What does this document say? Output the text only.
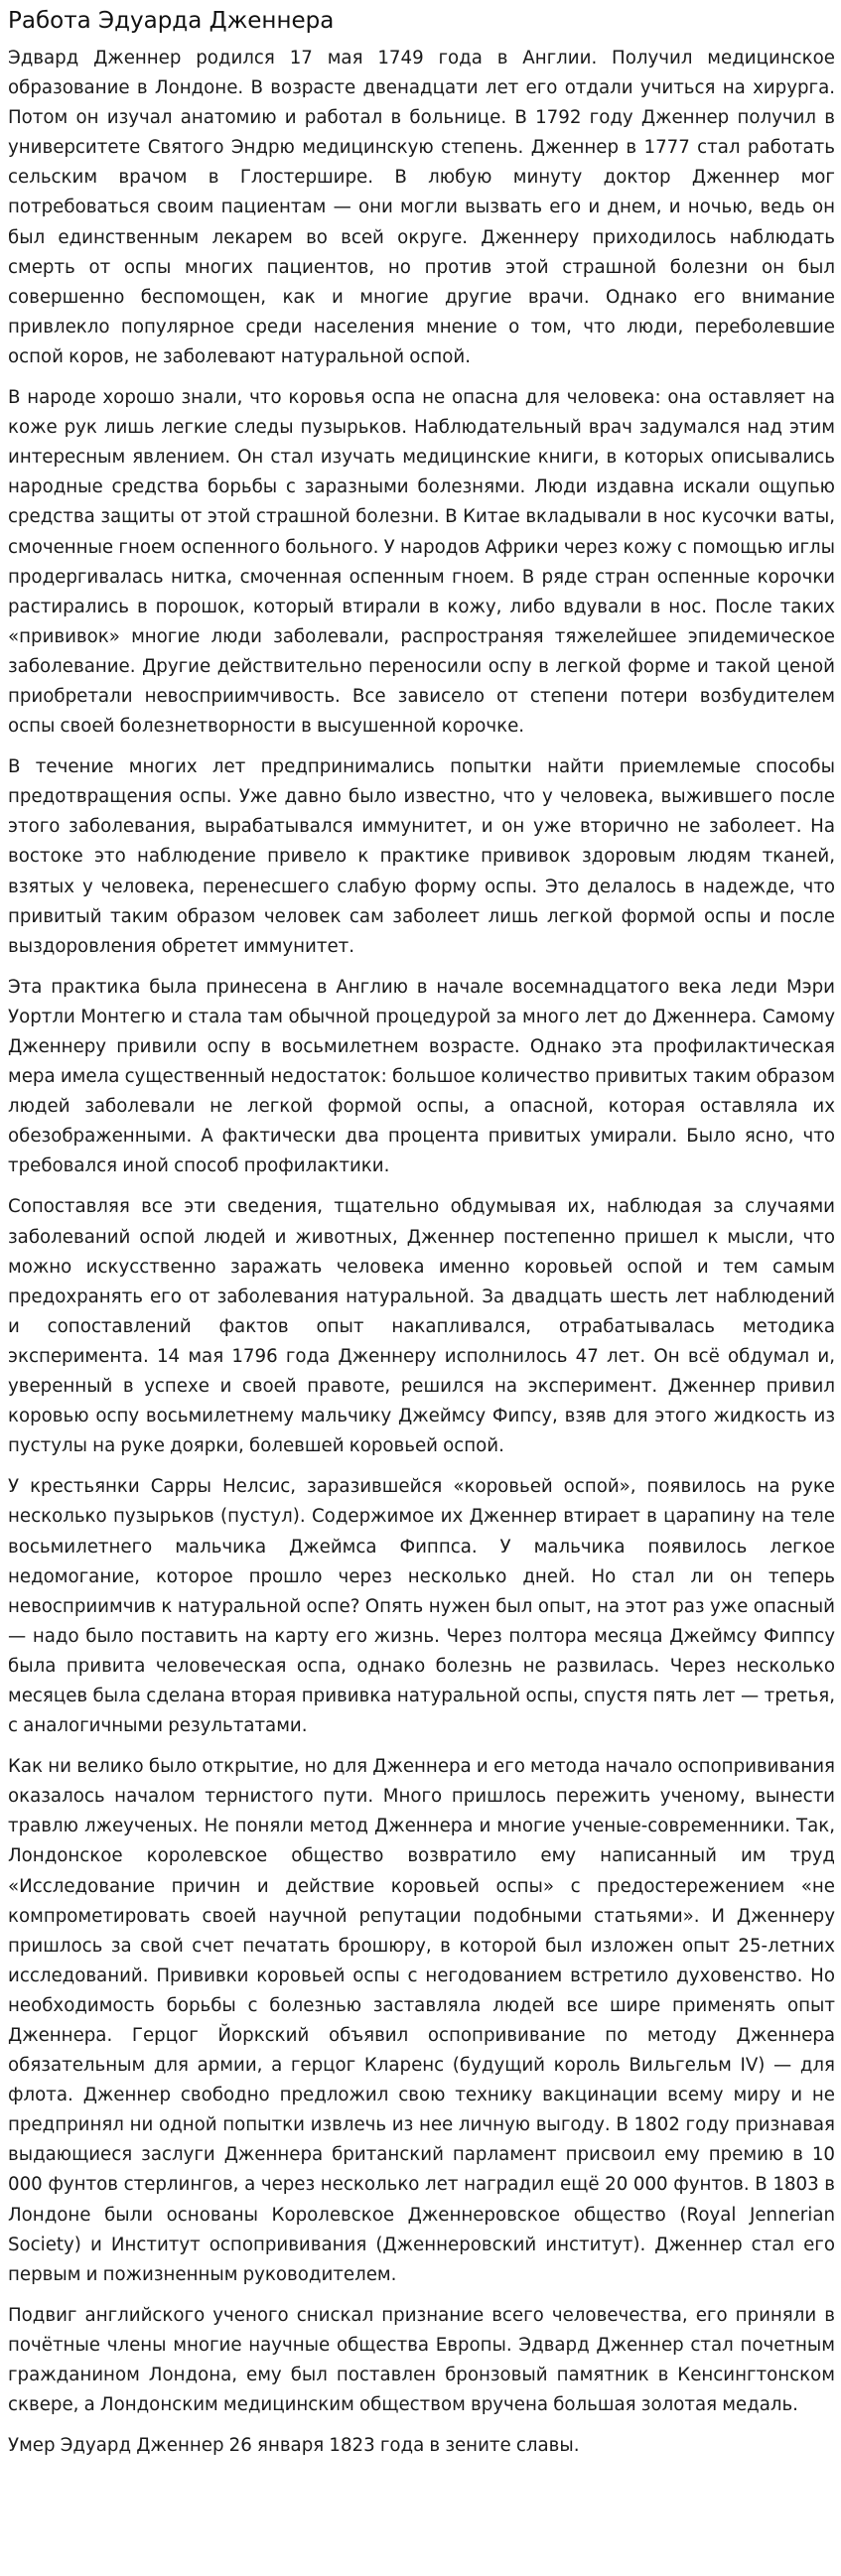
Работа Эдуарда Дженнера

Эдвард Дженнер родился 17 мая 1749 года в Англии. Получил медицинское образование в Лондоне. В возрасте двенадцати лет его отдали учиться на хирурга. Потом он изучал анатомию и работал в больнице. В 1792 году Дженнер получил в университете Святого Эндрю медицинскую степень. Дженнер в 1777 стал работать сельским врачом в Глостершире. В любую минуту доктор Дженнер мог потребоваться своим пациентам — они могли вызвать его и днем, и ночью, ведь он был единственным лекарем во всей округе. Дженнеру приходилось наблюдать смерть от оспы многих пациентов, но против этой страшной болезни он был совершенно беспомощен, как и многие другие врачи. Однако его внимание привлекло популярное среди населения мнение о том, что люди, переболевшие оспой коров, не заболевают натуральной оспой.

В народе хорошо знали, что коровья оспа не опасна для человека: она оставляет на коже рук лишь легкие следы пузырьков. Наблюдательный врач задумался над этим интересным явлением. Он стал изучать медицинские книги, в которых описывались народные средства борьбы с заразными болезнями. Люди издавна искали ощупью средства защиты от этой страшной болезни. В Китае вкладывали в нос кусочки ваты, смоченные гноем оспенного больного. У народов Африки через кожу с помощью иглы продергивалась нитка, смоченная оспенным гноем. В ряде стран оспенные корочки растирались в порошок, который втирали в кожу, либо вдували в нос. После таких «прививок» многие люди заболевали, распространяя тяжелейшее эпидемическое заболевание. Другие действительно переносили оспу в легкой форме и такой ценой приобретали невосприимчивость. Все зависело от степени потери возбудителем оспы своей болезнетворности в высушенной корочке.

В течение многих лет предпринимались попытки найти приемлемые способы предотвращения оспы. Уже давно было известно, что у человека, выжившего после этого заболевания, вырабатывался иммунитет, и он уже вторично не заболеет. На востоке это наблюдение привело к практике прививок здоровым людям тканей, взятых у человека, перенесшего слабую форму оспы. Это делалось в надежде, что привитый таким образом человек сам заболеет лишь легкой формой оспы и после выздоровления обретет иммунитет.

Эта практика была принесена в Англию в начале восемнадцатого века леди Мэри Уортли Монтегю и стала там обычной процедурой за много лет до Дженнера. Самому Дженнеру привили оспу в восьмилетнем возрасте. Однако эта профилактическая мера имела существенный недостаток: большое количество привитых таким образом людей заболевали не легкой формой оспы, а опасной, которая оставляла их обезображенными. А фактически два процента привитых умирали. Было ясно, что требовался иной способ профилактики.

Сопоставляя все эти сведения, тщательно обдумывая их, наблюдая за случаями заболеваний оспой людей и животных, Дженнер постепенно пришел к мысли, что можно искусственно заражать человека именно коровьей оспой и тем самым предохранять его от заболевания натуральной. За двадцать шесть лет наблюдений и сопоставлений фактов опыт накапливался, отрабатывалась методика эксперимента. 14 мая 1796 года Дженнеру исполнилось 47 лет. Он всё обдумал и, уверенный в успехе и своей правоте, решился на эксперимент. Дженнер привил коровью оспу восьмилетнему мальчику Джеймсу Фипсу, взяв для этого жидкость из пустулы на руке доярки, болевшей коровьей оспой.

У крестьянки Сарры Нелсис, заразившейся «коровьей оспой», появилось на руке несколько пузырьков (пустул). Содержимое их Дженнер втирает в царапину на теле восьмилетнего мальчика Джеймса Фиппса. У мальчика появилось легкое недомогание, которое прошло через несколько дней. Но стал ли он теперь невосприимчив к натуральной оспе? Опять нужен был опыт, на этот раз уже опасный — надо было поставить на карту его жизнь. Через полтора месяца Джеймсу Фиппсу была привита человеческая оспа, однако болезнь не развилась. Через несколько месяцев была сделана вторая прививка натуральной оспы, спустя пять лет — третья, с аналогичными результатами.

Как ни велико было открытие, но для Дженнера и его метода начало оспопрививания оказалось началом тернистого пути. Много пришлось пережить ученому, вынести травлю лжеученых. Не поняли метод Дженнера и многие ученые-современники. Так, Лондонское королевское общество возвратило ему написанный им труд «Исследование причин и действие коровьей оспы» с предостережением «не компрометировать своей научной репутации подобными статьями». И Дженнеру пришлось за свой счет печатать брошюру, в которой был изложен опыт 25-летних исследований. Прививки коровьей оспы с негодованием встретило духовенство. Но необходимость борьбы с болезнью заставляла людей все шире применять опыт Дженнера. Герцог Йоркский объявил оспопрививание по методу Дженнера обязательным для армии, а герцог Кларенс (будущий король Вильгельм IV) — для флота. Дженнер свободно предложил свою технику вакцинации всему миру и не предпринял ни одной попытки извлечь из нее личную выгоду. В 1802 году признавая выдающиеся заслуги Дженнера британский парламент присвоил ему премию в 10 000 фунтов стерлингов, а через несколько лет наградил ещё 20 000 фунтов. В 1803 в Лондоне были основаны Королевское Дженнеровское общество (Royal Jennerian Society) и Институт оспопрививания (Дженнеровский институт). Дженнер стал его первым и пожизненным руководителем.

Подвиг английского ученого снискал признание всего человечества, его приняли в почётные члены многие научные общества Европы. Эдвард Дженнер стал почетным гражданином Лондона, ему был поставлен бронзовый памятник в Кенсингтонском сквере, а Лондонским медицинским обществом вручена большая золотая медаль.

Умер Эдуард Дженнер 26 января 1823 года в зените славы.
